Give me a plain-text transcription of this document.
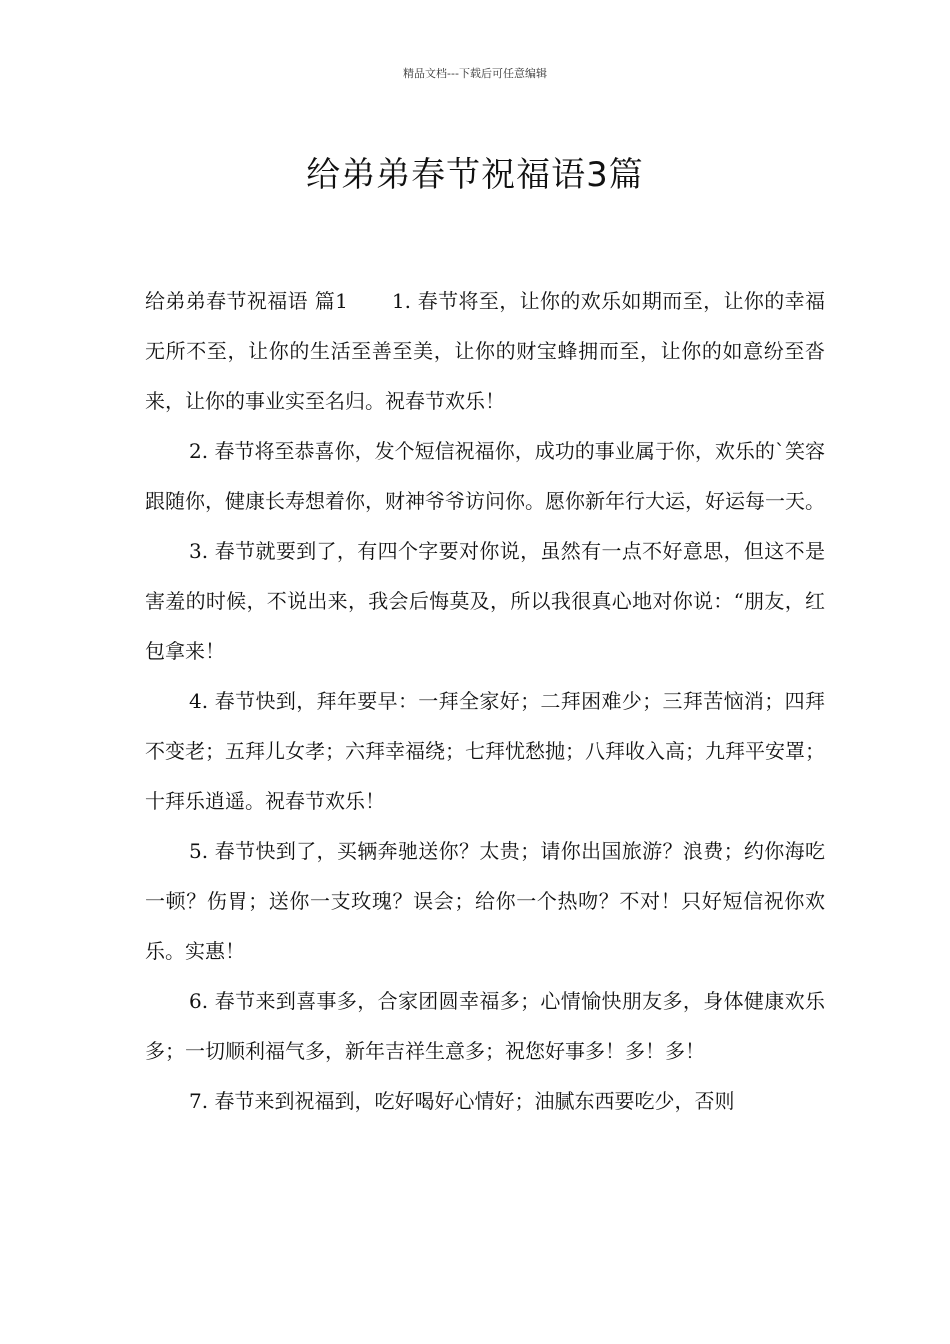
精品文档---下载后可任意编辑
给弟弟春节祝福语3篇

给弟弟春节祝福语 篇1 1. 春节将至，让你的欢乐如期而至，让你的幸福无所不至，让你的生活至善至美，让你的财宝蜂拥而至，让你的如意纷至沓来，让你的事业实至名归。祝春节欢乐！

2. 春节将至恭喜你，发个短信祝福你，成功的事业属于你，欢乐的`笑容跟随你，健康长寿想着你，财神爷爷访问你。愿你新年行大运，好运每一天。

3. 春节就要到了，有四个字要对你说，虽然有一点不好意思，但这不是害羞的时候，不说出来，我会后悔莫及，所以我很真心地对你说：“朋友，红包拿来！

4. 春节快到，拜年要早：一拜全家好；二拜困难少；三拜苦恼消；四拜不变老；五拜儿女孝；六拜幸福绕；七拜忧愁抛；八拜收入高；九拜平安罩；十拜乐逍遥。祝春节欢乐！

5. 春节快到了，买辆奔驰送你？太贵；请你出国旅游？浪费；约你海吃一顿？伤胃；送你一支玫瑰？误会；给你一个热吻？不对！只好短信祝你欢乐。实惠！

6. 春节来到喜事多，合家团圆幸福多；心情愉快朋友多，身体健康欢乐多；一切顺利福气多，新年吉祥生意多；祝您好事多！多！多！

7. 春节来到祝福到，吃好喝好心情好；油腻东西要吃少，否则
